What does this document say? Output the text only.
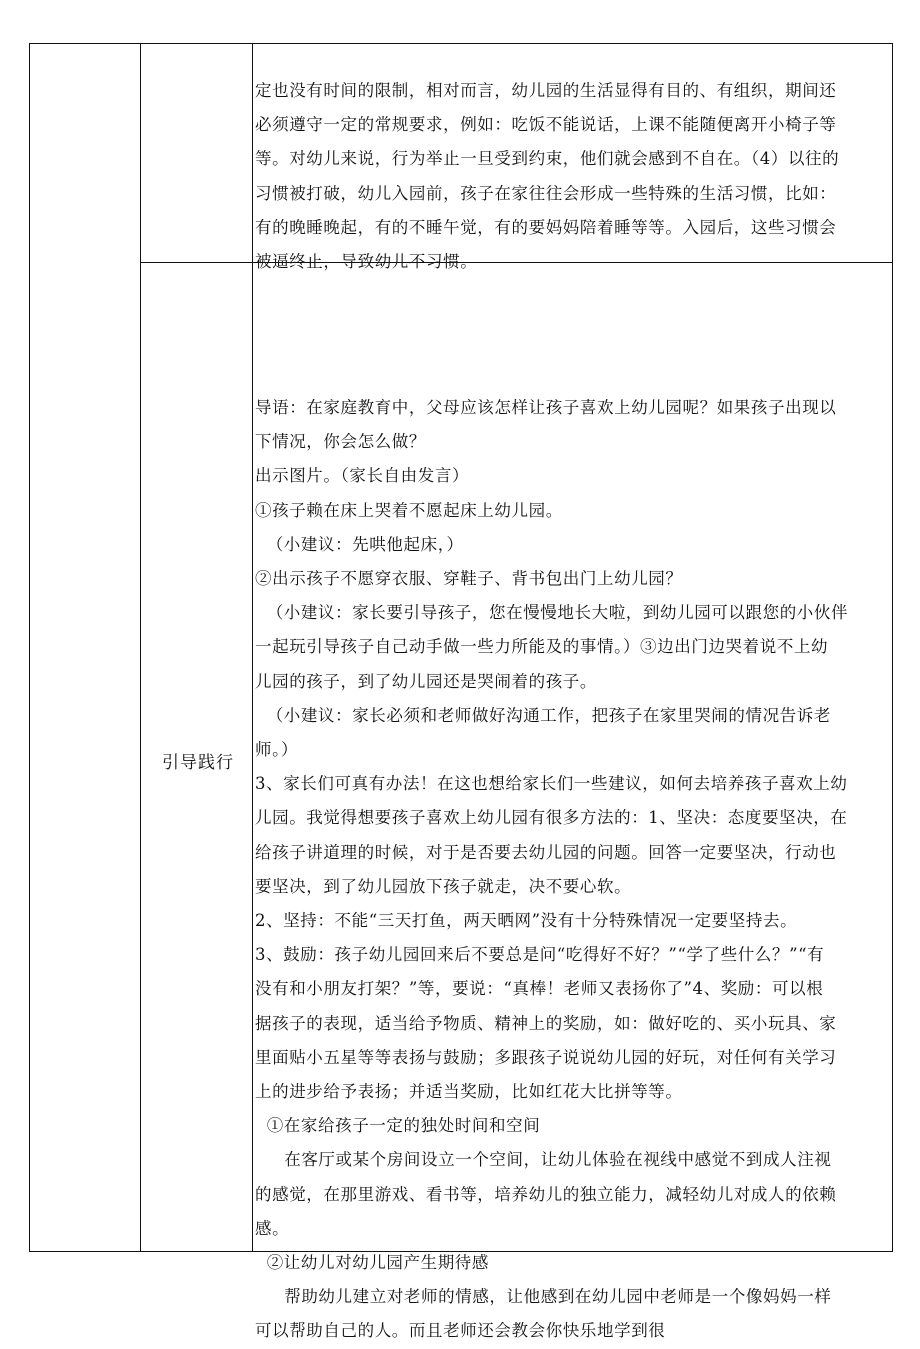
定也没有时间的限制，相对而言，幼儿园的生活显得有目的、有组织，期间还
必须遵守一定的常规要求，例如：吃饭不能说话，上课不能随便离开小椅子等
等。对幼儿来说，行为举止一旦受到约束，他们就会感到不自在。（4）以往的
习惯被打破，幼儿入园前，孩子在家往往会形成一些特殊的生活习惯，比如：
有的晚睡晚起，有的不睡午觉，有的要妈妈陪着睡等等。入园后，这些习惯会
被逼终止，导致幼儿不习惯。
引导践行
导语：在家庭教育中，父母应该怎样让孩子喜欢上幼儿园呢？如果孩子出现以
下情况，你会怎么做？
出示图片。（家长自由发言）
①孩子赖在床上哭着不愿起床上幼儿园。
（小建议：先哄他起床，）
②出示孩子不愿穿衣服、穿鞋子、背书包出门上幼儿园？
（小建议：家长要引导孩子，您在慢慢地长大啦，到幼儿园可以跟您的小伙伴
一起玩引导孩子自己动手做一些力所能及的事情。）③边出门边哭着说不上幼
儿园的孩子，到了幼儿园还是哭闹着的孩子。
（小建议：家长必须和老师做好沟通工作，把孩子在家里哭闹的情况告诉老
师。）
3、家长们可真有办法！在这也想给家长们一些建议，如何去培养孩子喜欢上幼
儿园。我觉得想要孩子喜欢上幼儿园有很多方法的：1、坚决：态度要坚决，在
给孩子讲道理的时候，对于是否要去幼儿园的问题。回答一定要坚决，行动也
要坚决，到了幼儿园放下孩子就走，决不要心软。
2、坚持：不能“三天打鱼，两天晒网”没有十分特殊情况一定要坚持去。
3、鼓励：孩子幼儿园回来后不要总是问“吃得好不好？”“学了些什么？”“有
没有和小朋友打架？”等，要说：“真棒！老师又表扬你了”4、奖励：可以根
据孩子的表现，适当给予物质、精神上的奖励，如：做好吃的、买小玩具、家
里面贴小五星等等表扬与鼓励；多跟孩子说说幼儿园的好玩，对任何有关学习
上的进步给予表扬；并适当奖励，比如红花大比拼等等。
①在家给孩子一定的独处时间和空间
在客厅或某个房间设立一个空间，让幼儿体验在视线中感觉不到成人注视
的感觉，在那里游戏、看书等，培养幼儿的独立能力，减轻幼儿对成人的依赖
感。
②让幼儿对幼儿园产生期待感
帮助幼儿建立对老师的情感，让他感到在幼儿园中老师是一个像妈妈一样
可以帮助自己的人。而且老师还会教会你快乐地学到很
